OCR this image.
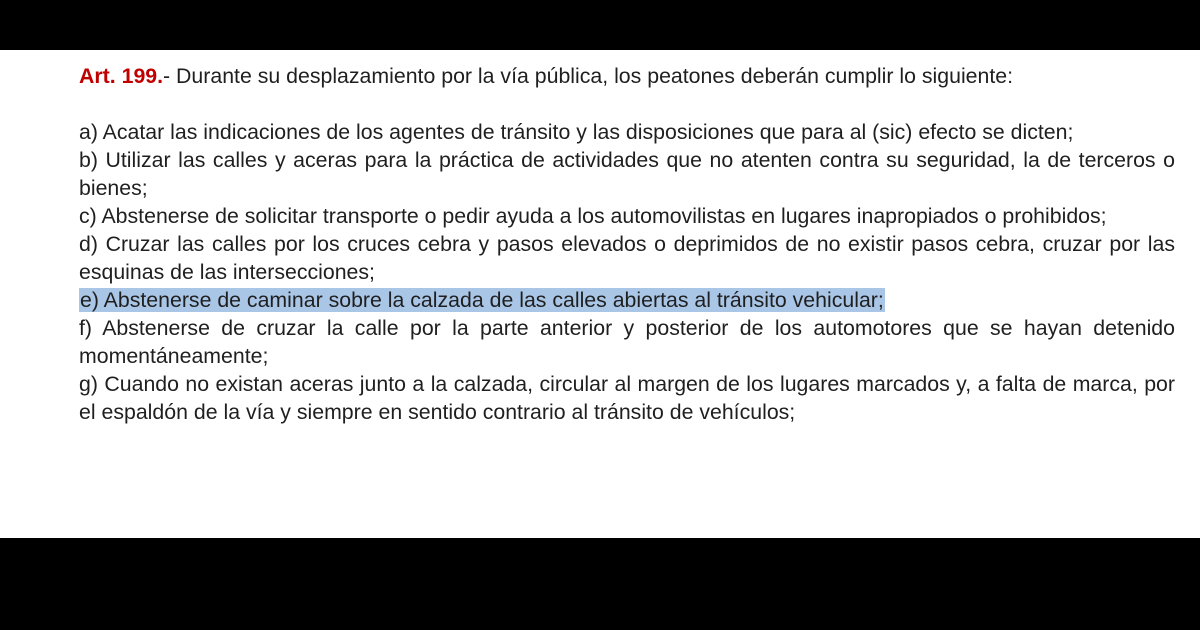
Art. 199.- Durante su desplazamiento por la vía pública, los peatones deberán cumplir lo siguiente:

a) Acatar las indicaciones de los agentes de tránsito y las disposiciones que para al (sic) efecto se dicten;

b) Utilizar las calles y aceras para la práctica de actividades que no atenten contra su seguridad, la de terceros o bienes;

c) Abstenerse de solicitar transporte o pedir ayuda a los automovilistas en lugares inapropiados o prohibidos;

d) Cruzar las calles por los cruces cebra y pasos elevados o deprimidos de no existir pasos cebra, cruzar por las esquinas de las intersecciones;

e) Abstenerse de caminar sobre la calzada de las calles abiertas al tránsito vehicular;

f) Abstenerse de cruzar la calle por la parte anterior y posterior de los automotores que se hayan detenido momentáneamente;

g) Cuando no existan aceras junto a la calzada, circular al margen de los lugares marcados y, a falta de marca, por el espaldón de la vía y siempre en sentido contrario al tránsito de vehículos;
